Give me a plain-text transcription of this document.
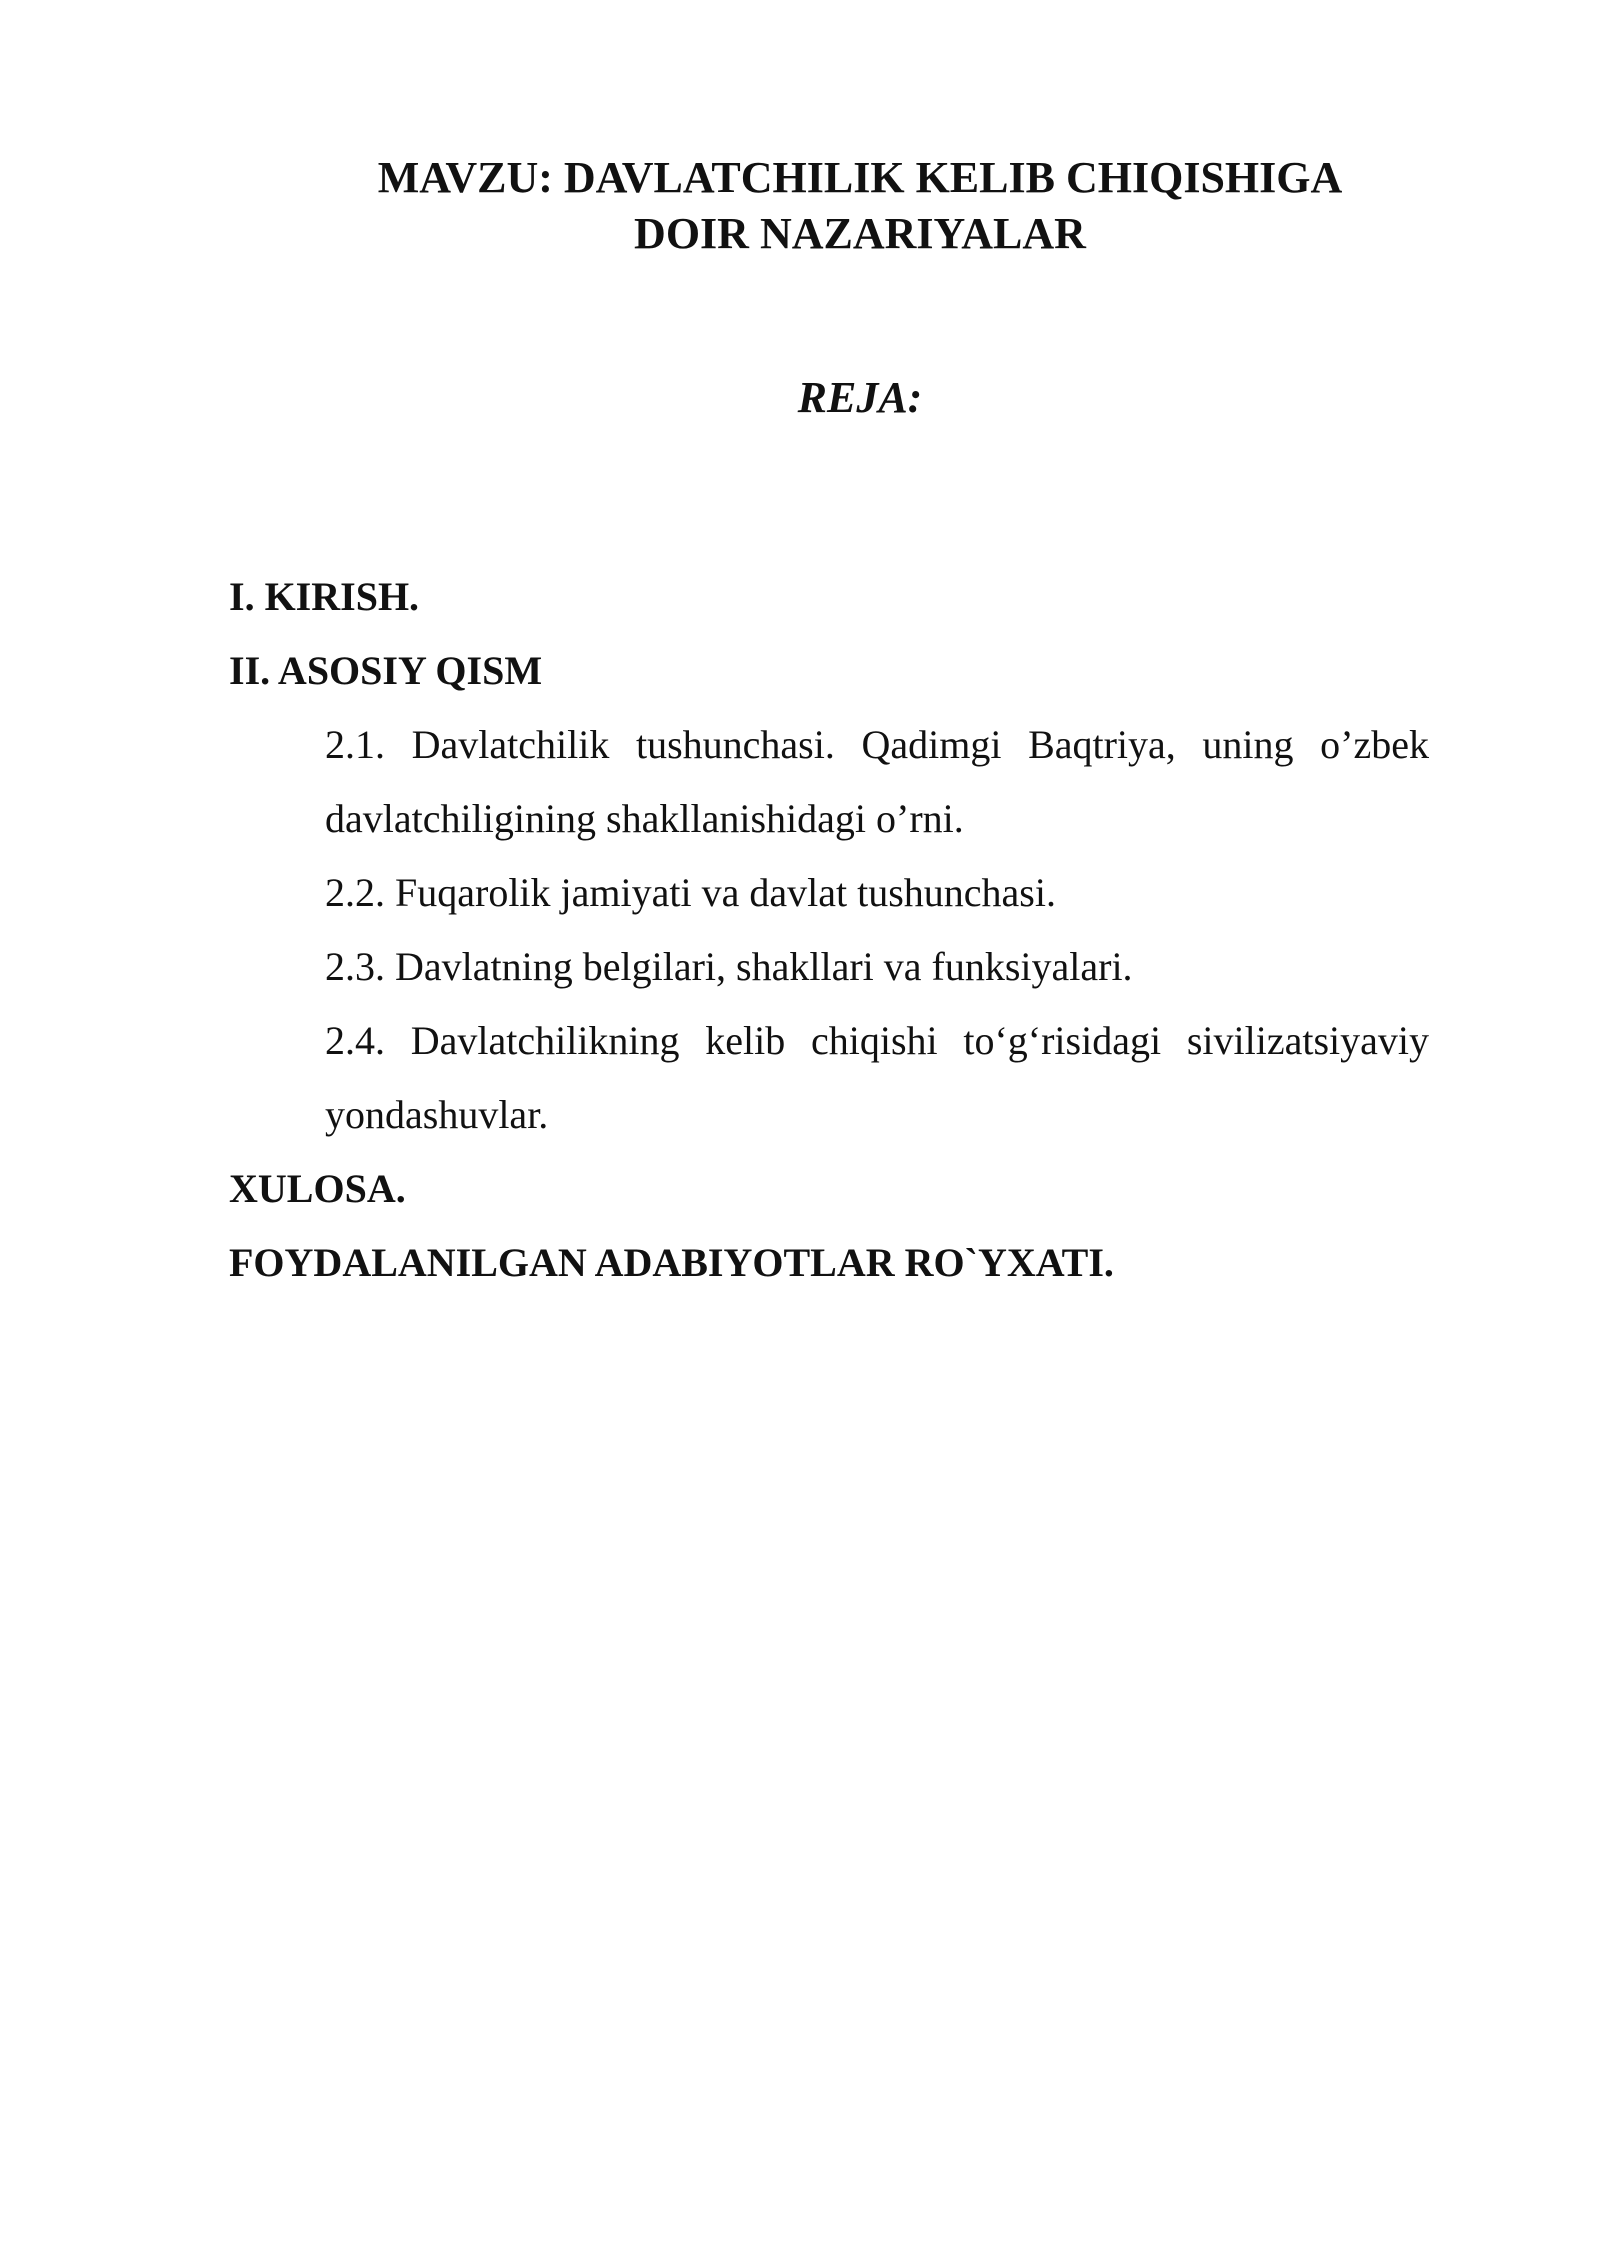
MAVZU: DAVLATCHILIK KELIB CHIQISHIGA
DOIR NAZARIYALAR
REJA:
I. KIRISH.
II. ASOSIY QISM
2.1. Davlatchilik tushunchasi. Qadimgi Baqtriya, uning o’zbek davlatchiligining shakllanishidagi o’rni.
2.2. Fuqarolik jamiyati va davlat tushunchasi.
2.3. Davlatning belgilari, shakllari va funksiyalari.
2.4. Davlatchilikning kelib chiqishi to‘g‘risidagi sivilizatsiyaviy yondashuvlar.
XULOSA.
FOYDALANILGAN ADABIYOTLAR RO`YXATI.
